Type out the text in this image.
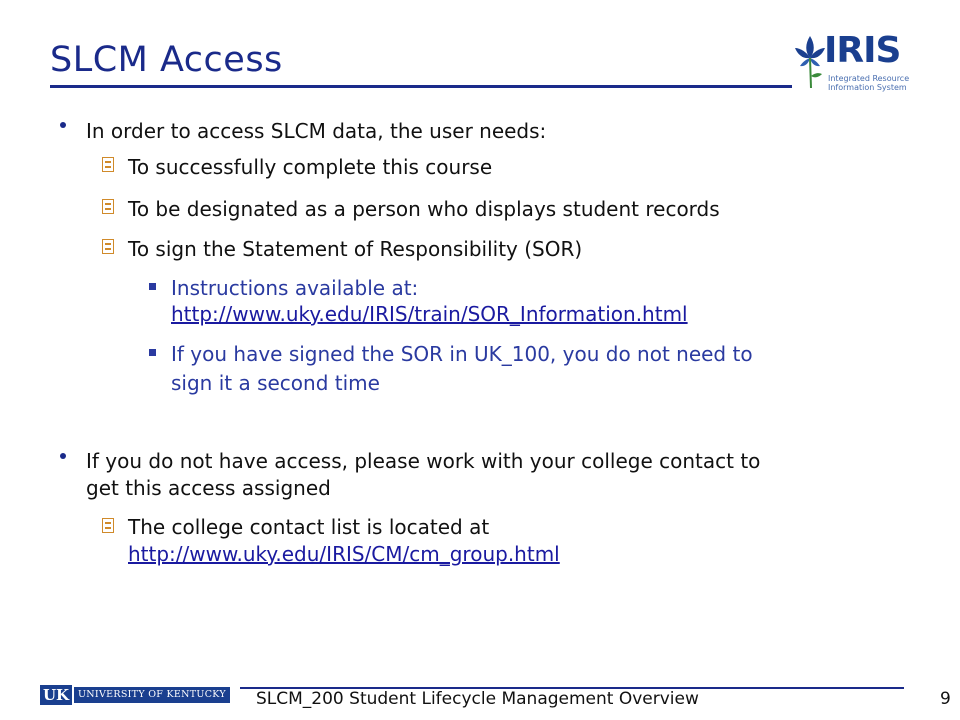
SLCM Access	IRIS
Integrated Resource
Information System
In order to access SLCM data, the user needs:
To successfully complete this course
To be designated as a person who displays student records
To sign the Statement of Responsibility (SOR)
Instructions available at:
http://www.uky.edu/IRIS/train/SOR_Information.html
If you have signed the SOR in UK_100, you do not need to
sign it a second time
If you do not have access, please work with your college contact to
get this access assigned
The college contact list is located at
http://www.uky.edu/IRIS/CM/cm_group.html
UK UNIVERSITY OF KENTUCKY SLCM_200 Student Lifecycle Management Overview	9
